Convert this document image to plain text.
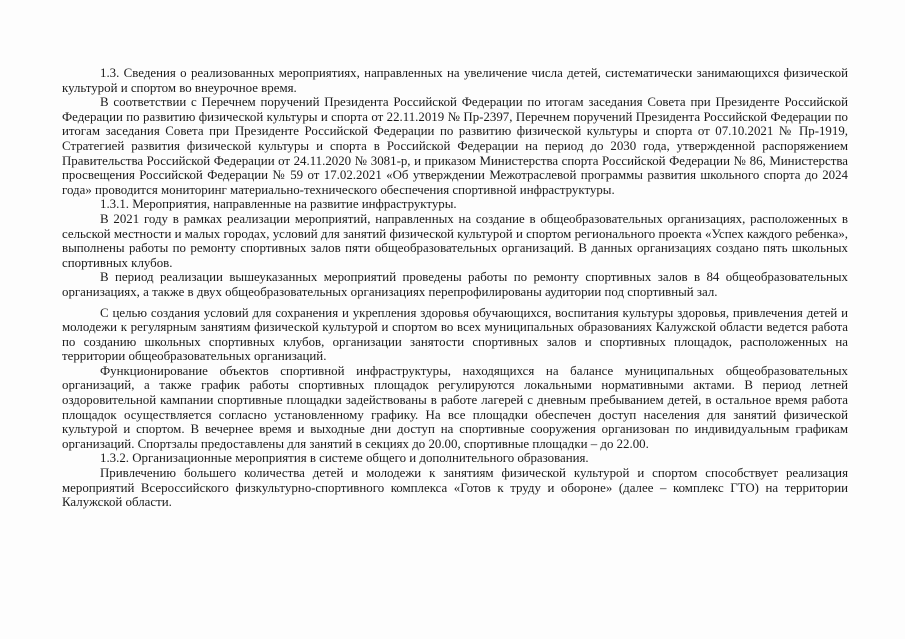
1.3. Сведения о реализованных мероприятиях, направленных на увеличение числа детей, систематически занимающихся физической культурой и спортом во внеурочное время.

В соответствии с Перечнем поручений Президента Российской Федерации по итогам заседания Совета при Президенте Российской Федерации по развитию физической культуры и спорта от 22.11.2019 № Пр-2397, Перечнем поручений Президента Российской Федерации по итогам заседания Совета при Президенте Российской Федерации по развитию физической культуры и спорта от 07.10.2021 № Пр-1919, Стратегией развития физической культуры и спорта в Российской Федерации на период до 2030 года, утвержденной распоряжением Правительства Российской Федерации от 24.11.2020 № 3081-р, и приказом Министерства спорта Российской Федерации № 86, Министерства просвещения Российской Федерации № 59 от 17.02.2021 «Об утверждении Межотраслевой программы развития школьного спорта до 2024 года» проводится мониторинг материально-технического обеспечения спортивной инфраструктуры.

1.3.1. Мероприятия, направленные на развитие инфраструктуры.

В 2021 году в рамках реализации мероприятий, направленных на создание в общеобразовательных организациях, расположенных в сельской местности и малых городах, условий для занятий физической культурой и спортом регионального проекта «Успех каждого ребенка», выполнены работы по ремонту спортивных залов пяти общеобразовательных организаций. В данных организациях создано пять школьных спортивных клубов.

В период реализации вышеуказанных мероприятий проведены работы по ремонту спортивных залов в 84 общеобразовательных организациях, а также в двух общеобразовательных организациях перепрофилированы аудитории под спортивный зал.

С целью создания условий для сохранения и укрепления здоровья обучающихся, воспитания культуры здоровья, привлечения детей и молодежи к регулярным занятиям физической культурой и спортом во всех муниципальных образованиях Калужской области ведется работа по созданию школьных спортивных клубов, организации занятости спортивных залов и спортивных площадок, расположенных на территории общеобразовательных организаций.

Функционирование объектов спортивной инфраструктуры, находящихся на балансе муниципальных общеобразовательных организаций, а также график работы спортивных площадок регулируются локальными нормативными актами. В период летней оздоровительной кампании спортивные площадки задействованы в работе лагерей с дневным пребыванием детей, в остальное время работа площадок осуществляется согласно установленному графику. На все площадки обеспечен доступ населения для занятий физической культурой и спортом. В вечернее время и выходные дни доступ на спортивные сооружения организован по индивидуальным графикам организаций. Спортзалы предоставлены для занятий в секциях до 20.00, спортивные площадки – до 22.00.

1.3.2. Организационные мероприятия в системе общего и дополнительного образования.

Привлечению большего количества детей и молодежи к занятиям физической культурой и спортом способствует реализация мероприятий Всероссийского физкультурно-спортивного комплекса «Готов к труду и обороне» (далее – комплекс ГТО) на территории Калужской области.
